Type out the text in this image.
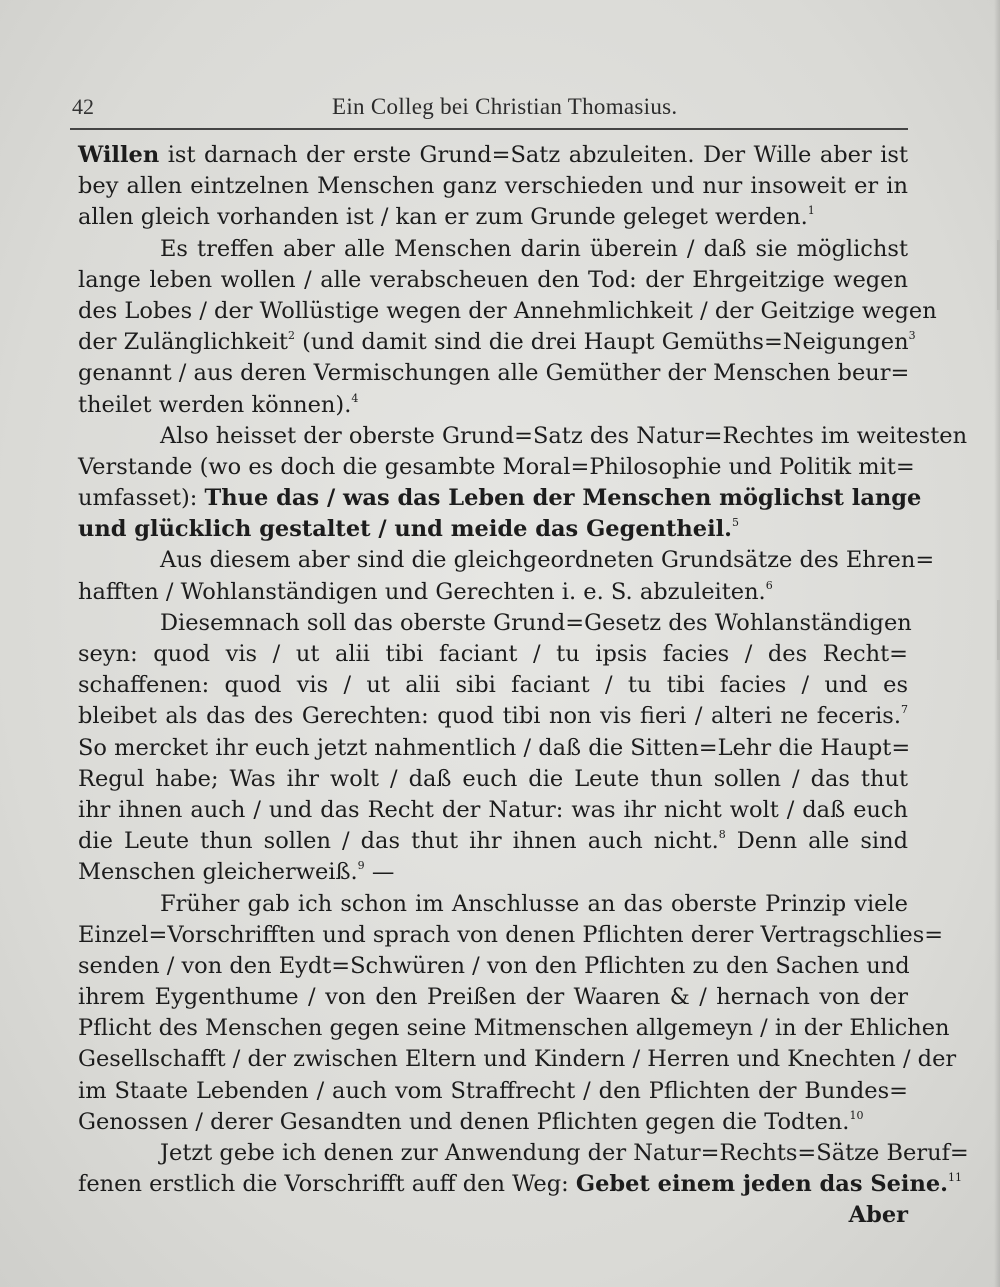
42	Ein Colleg bei Christian Thomasius.
Willen ist darnach der erste Grund=Satz abzuleiten. Der Wille aber ist
bey allen eintzelnen Menschen ganz verschieden und nur insoweit er in
allen gleich vorhanden ist / kan er zum Grunde geleget werden.$^1$
Es treffen aber alle Menschen darin überein / daß sie möglichst
lange leben wollen / alle verabscheuen den Tod: der Ehrgeitzige wegen
des Lobes / der Wollüstige wegen der Annehmlichkeit / der Geitzige wegen
der Zulänglichkeit$^2$ (und damit sind die drei Haupt Gemüths=Neigungen$^3$
genannt / aus deren Vermischungen alle Gemüther der Menschen beur=
theilet werden können).$^4$
Also heisset der oberste Grund=Satz des Natur=Rechtes im weitesten
Verstande (wo es doch die gesambte Moral=Philosophie und Politik mit=
umfasset): Thue das / was das Leben der Menschen möglichst lange
und glücklich gestaltet / und meide das Gegentheil.$^5$
Aus diesem aber sind die gleichgeordneten Grundsätze des Ehren=
hafften / Wohlanständigen und Gerechten i. e. S. abzuleiten.$^6$
Diesemnach soll das oberste Grund=Gesetz des Wohlanständigen
seyn: quod vis / ut alii tibi faciant / tu ipsis facies / des Recht=
schaffenen: quod vis / ut alii sibi faciant / tu tibi facies / und es
bleibet als das des Gerechten: quod tibi non vis fieri / alteri ne feceris.$^7$
So mercket ihr euch jetzt nahmentlich / daß die Sitten=Lehr die Haupt=
Regul habe; Was ihr wolt / daß euch die Leute thun sollen / das thut
ihr ihnen auch / und das Recht der Natur: was ihr nicht wolt / daß euch
die Leute thun sollen / das thut ihr ihnen auch nicht.$^8$ Denn alle sind
Menschen gleicherweiß.$^9$ —
Früher gab ich schon im Anschlusse an das oberste Prinzip viele
Einzel=Vorschrifften und sprach von denen Pflichten derer Vertragschlies=
senden / von den Eydt=Schwüren / von den Pflichten zu den Sachen und
ihrem Eygenthume / von den Preißen der Waaren & / hernach von der
Pflicht des Menschen gegen seine Mitmenschen allgemeyn / in der Ehlichen
Gesellschafft / der zwischen Eltern und Kindern / Herren und Knechten / der
im Staate Lebenden / auch vom Straffrecht / den Pflichten der Bundes=
Genossen / derer Gesandten und denen Pflichten gegen die Todten.$^{10}$
Jetzt gebe ich denen zur Anwendung der Natur=Rechts=Sätze Beruf=
fenen erstlich die Vorschrifft auff den Weg: Gebet einem jeden das Seine.$^{11}$
Aber
